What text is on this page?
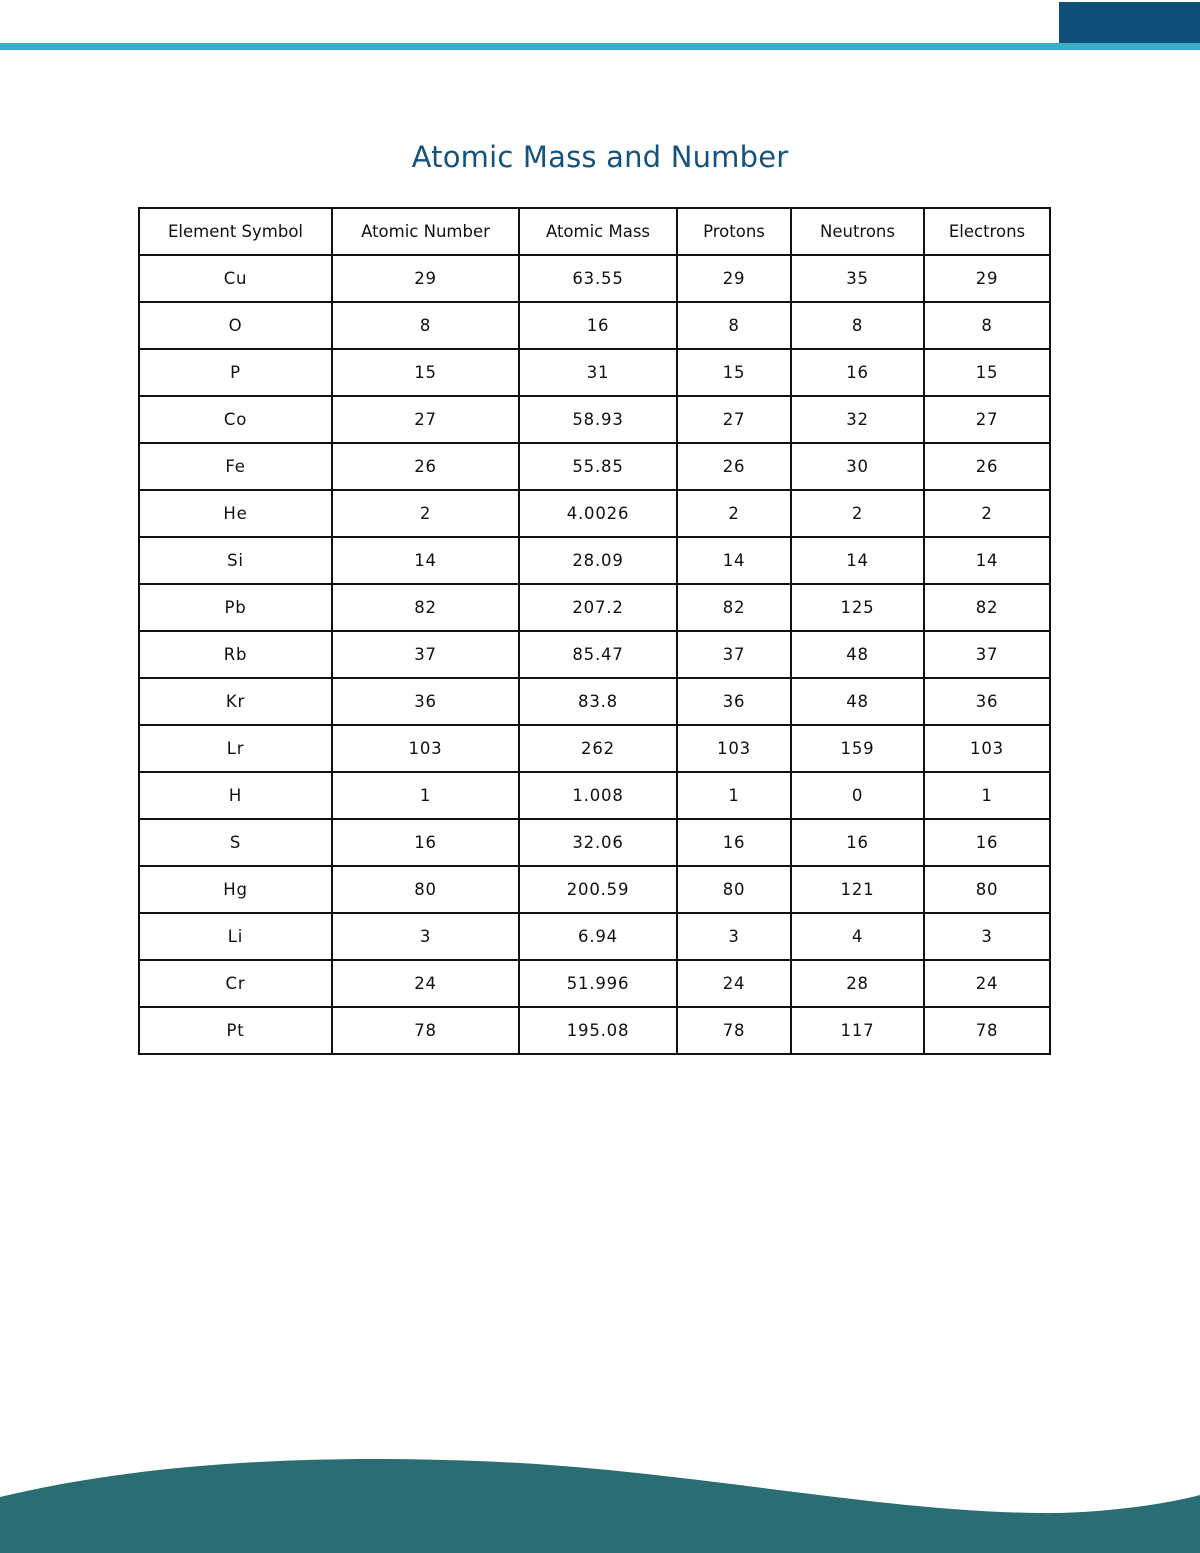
Atomic Mass and Number
Element Symbol	Atomic Number	Atomic Mass	Protons	Neutrons	Electrons
Cu	29	63.55	29	35	29
O	8	16	8	8	8
P	15	31	15	16	15
Co	27	58.93	27	32	27
Fe	26	55.85	26	30	26
He	2	4.0026	2	2	2
Si	14	28.09	14	14	14
Pb	82	207.2	82	125	82
Rb	37	85.47	37	48	37
Kr	36	83.8	36	48	36
Lr	103	262	103	159	103
H	1	1.008	1	0	1
S	16	32.06	16	16	16
Hg	80	200.59	80	121	80
Li	3	6.94	3	4	3
Cr	24	51.996	24	28	24
Pt	78	195.08	78	117	78
